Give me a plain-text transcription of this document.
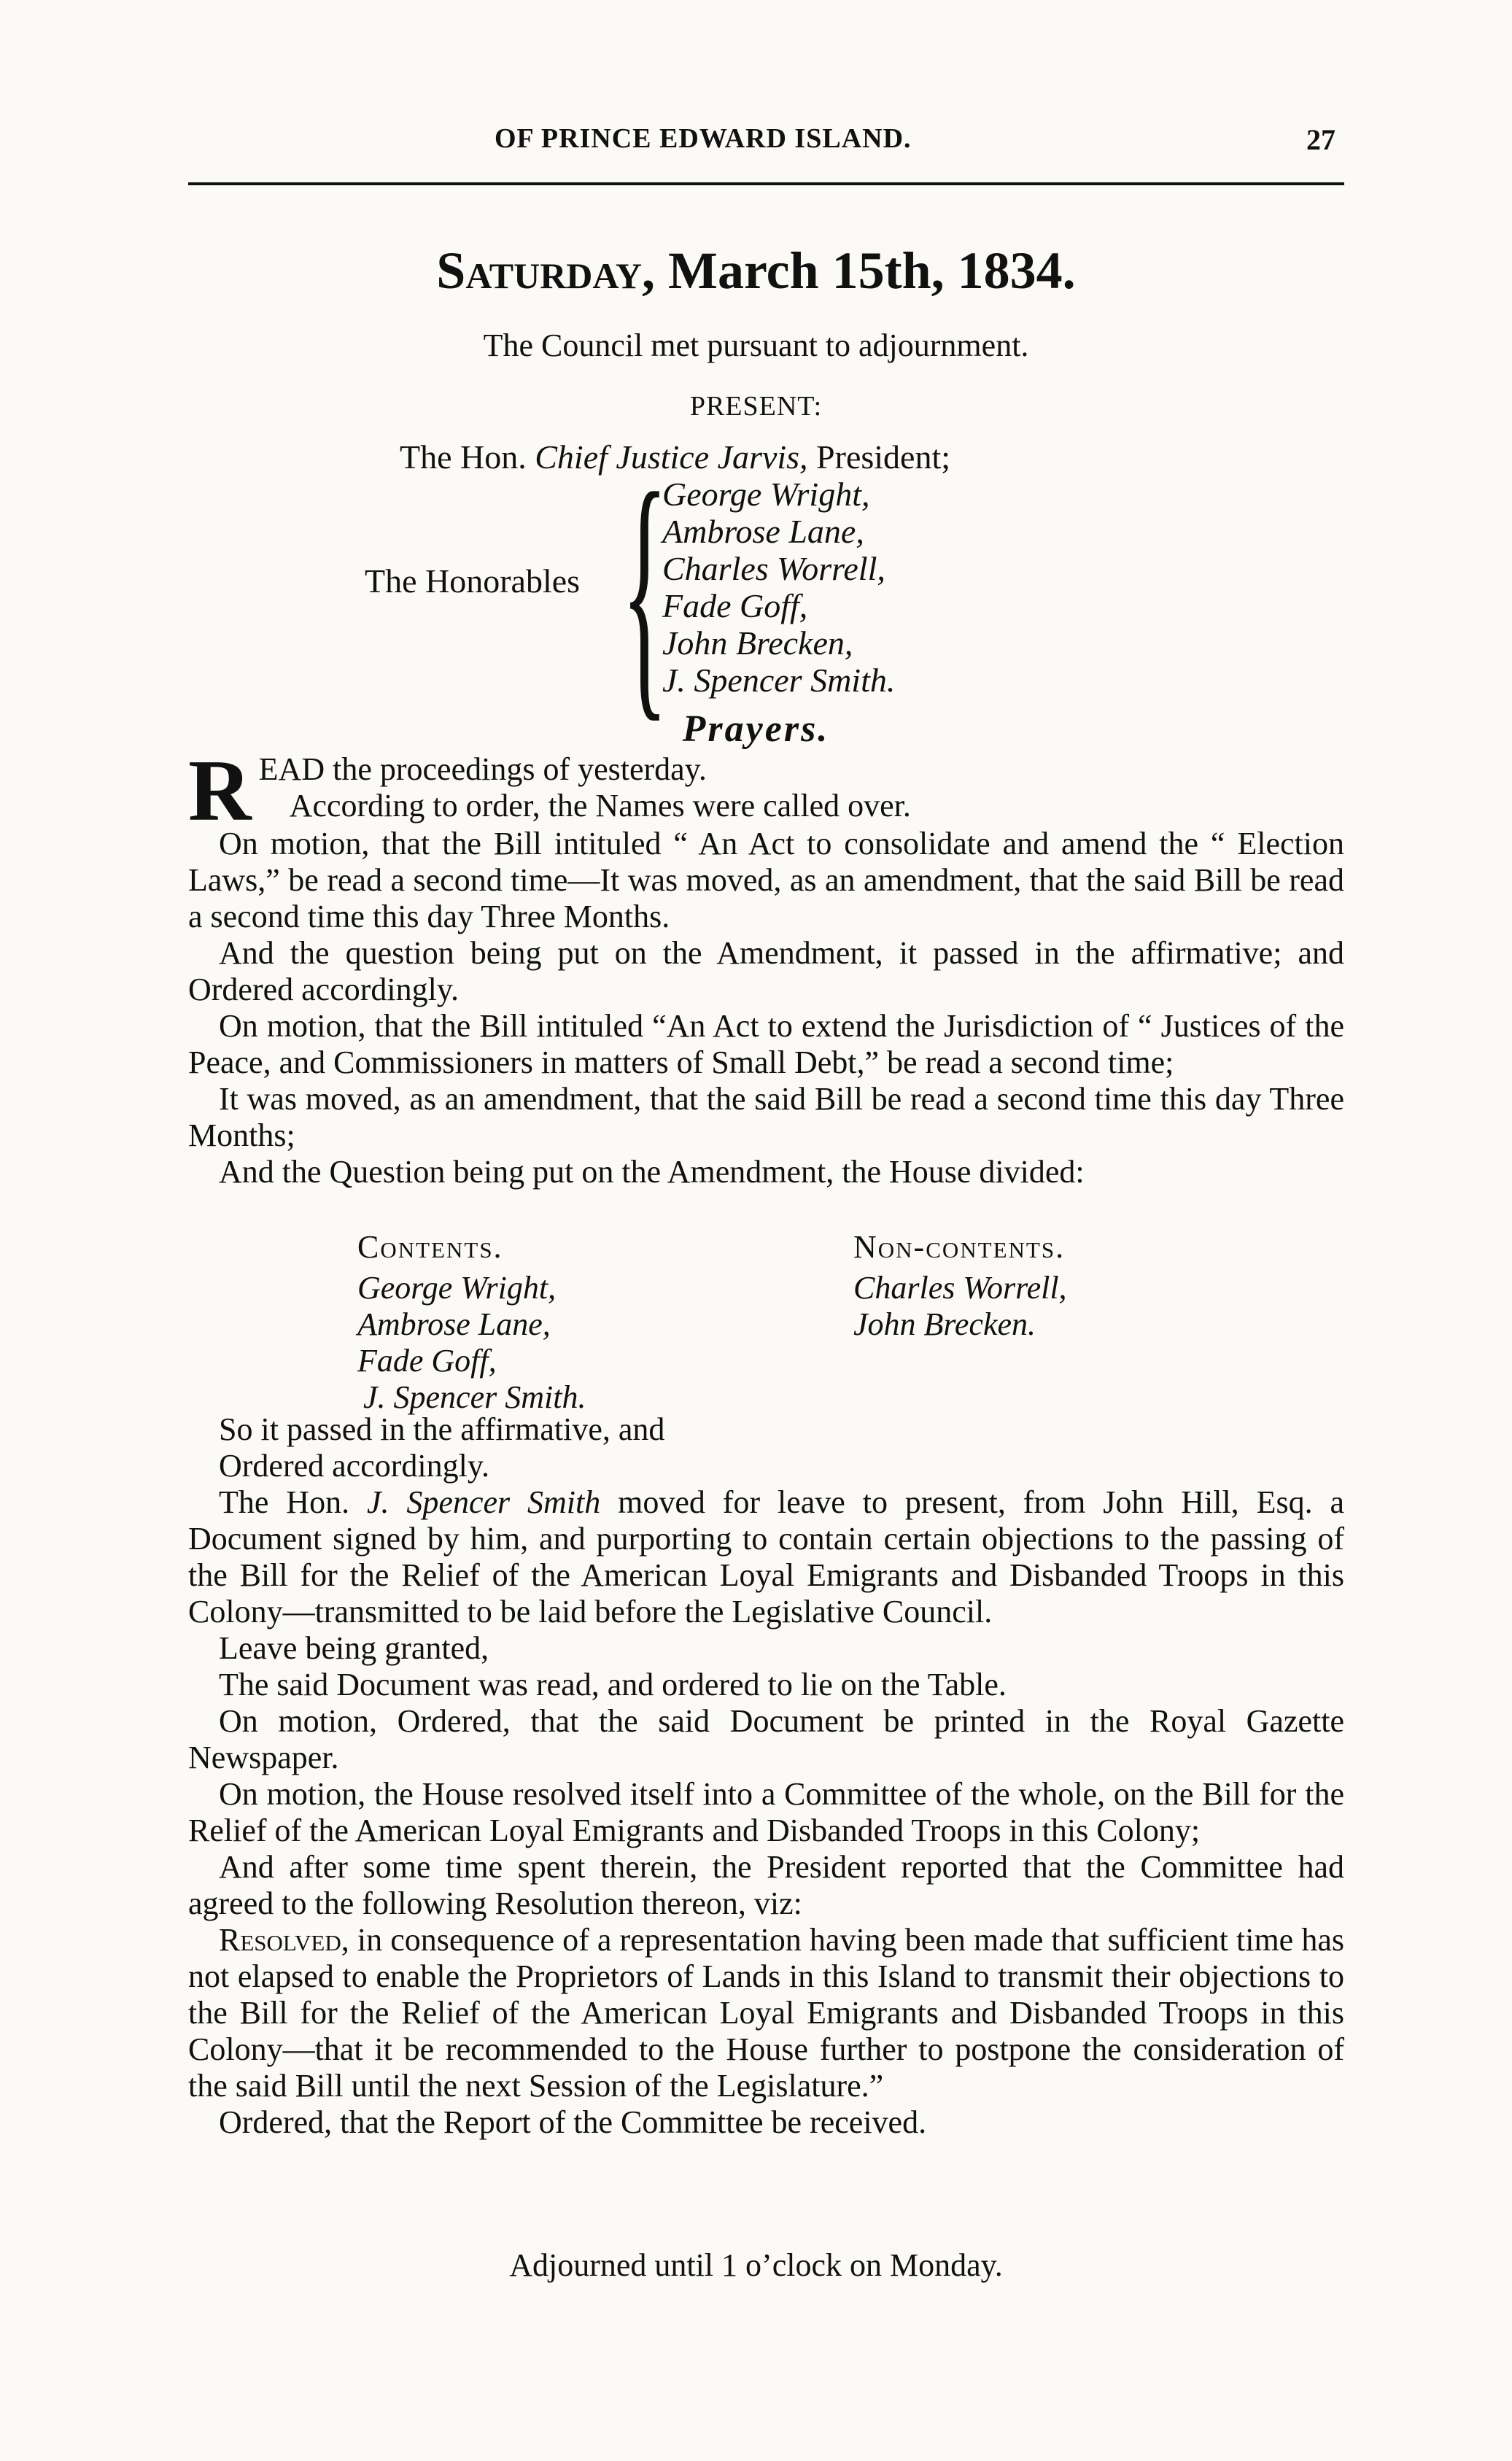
OF PRINCE EDWARD ISLAND.	27
Saturday, March 15th, 1834.
The Council met pursuant to adjournment.
PRESENT:
The Hon. Chief Justice Jarvis, President;
The Honorables {
George Wright,
Ambrose Lane,
Charles Worrell,
Fade Goff,
John Brecken,
J. Spencer Smith.
Prayers.

READ the proceedings of yesterday.

According to order, the Names were called over.

On motion, that the Bill intituled “ An Act to consolidate and amend the “ Election Laws,” be read a second time—It was moved, as an amendment, that the said Bill be read a second time this day Three Months.

And the question being put on the Amendment, it passed in the affirmative; and Ordered accordingly.

On motion, that the Bill intituled “An Act to extend the Jurisdiction of “ Justices of the Peace, and Commissioners in matters of Small Debt,” be read a second time;

It was moved, as an amendment, that the said Bill be read a second time this day Three Months;

And the Question being put on the Amendment, the House divided:

Contents.
George Wright,
Ambrose Lane,
Fade Goff,
J. Spencer Smith.
Non-contents.
Charles Worrell,
John Brecken.

So it passed in the affirmative, and

Ordered accordingly.

The Hon. J. Spencer Smith moved for leave to present, from John Hill, Esq. a Document signed by him, and purporting to contain certain objections to the passing of the Bill for the Relief of the American Loyal Emigrants and Disbanded Troops in this Colony—transmitted to be laid before the Legislative Council.

Leave being granted,

The said Document was read, and ordered to lie on the Table.

On motion, Ordered, that the said Document be printed in the Royal Gazette Newspaper.

On motion, the House resolved itself into a Committee of the whole, on the Bill for the Relief of the American Loyal Emigrants and Disbanded Troops in this Colony;

And after some time spent therein, the President reported that the Committee had agreed to the following Resolution thereon, viz:

Resolved, in consequence of a representation having been made that sufficient time has not elapsed to enable the Proprietors of Lands in this Island to transmit their objections to the Bill for the Relief of the American Loyal Emigrants and Disbanded Troops in this Colony—that it be recommended to the House further to postpone the consideration of the said Bill until the next Session of the Legislature.”

Ordered, that the Report of the Committee be received.

Adjourned until 1 o’clock on Monday.
